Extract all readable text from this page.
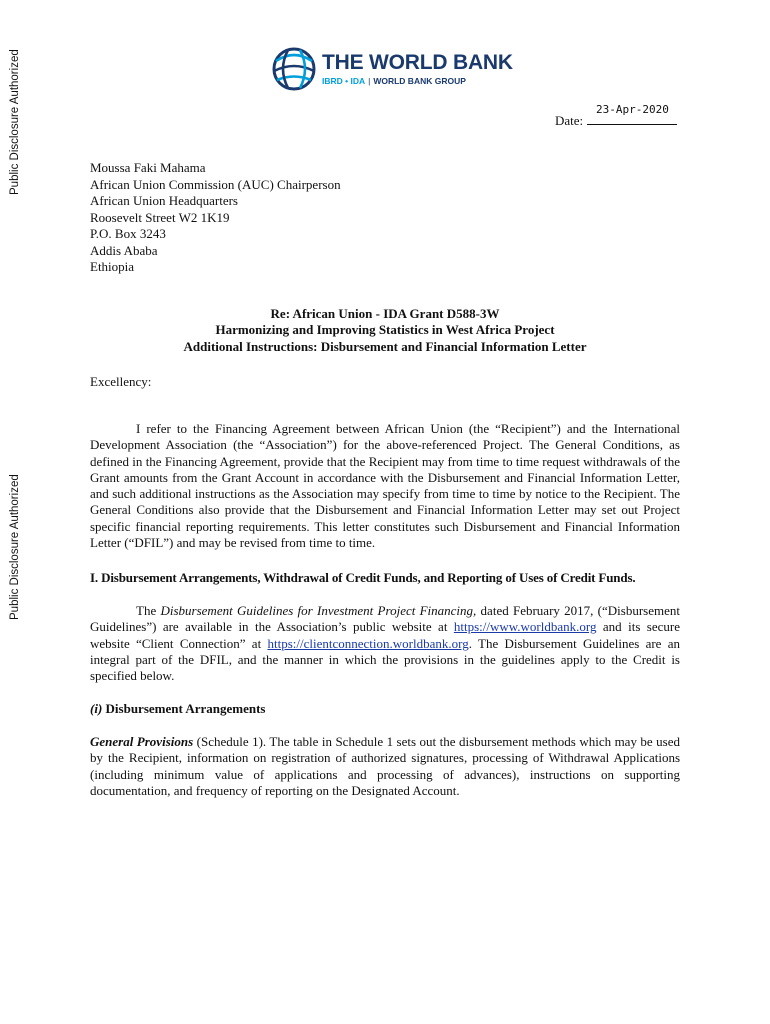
Public Disclosure Authorized
Public Disclosure Authorized
THE WORLD BANK
IBRD • IDA | WORLD BANK GROUP
23-Apr-2020
Date:
Moussa Faki Mahama
African Union Commission (AUC) Chairperson
African Union Headquarters
Roosevelt Street W2 1K19
P.O. Box 3243
Addis Ababa
Ethiopia
Re: African Union - IDA Grant D588-3W
Harmonizing and Improving Statistics in West Africa Project
Additional Instructions: Disbursement and Financial Information Letter
Excellency:
I refer to the Financing Agreement between African Union (the “Recipient”) and the International Development Association (the “Association”) for the above-referenced Project. The General Conditions, as defined in the Financing Agreement, provide that the Recipient may from time to time request withdrawals of the Grant amounts from the Grant Account in accordance with the Disbursement and Financial Information Letter, and such additional instructions as the Association may specify from time to time by notice to the Recipient. The General Conditions also provide that the Disbursement and Financial Information Letter may set out Project specific financial reporting requirements. This letter constitutes such Disbursement and Financial Information Letter (“DFIL”) and may be revised from time to time.
I. Disbursement Arrangements, Withdrawal of Credit Funds, and Reporting of Uses of Credit Funds.
The Disbursement Guidelines for Investment Project Financing, dated February 2017, (“Disbursement Guidelines”) are available in the Association’s public website at https://www.worldbank.org and its secure website “Client Connection” at https://clientconnection.worldbank.org. The Disbursement Guidelines are an integral part of the DFIL, and the manner in which the provisions in the guidelines apply to the Credit is specified below.
(i) Disbursement Arrangements
General Provisions (Schedule 1). The table in Schedule 1 sets out the disbursement methods which may be used by the Recipient, information on registration of authorized signatures, processing of Withdrawal Applications (including minimum value of applications and processing of advances), instructions on supporting documentation, and frequency of reporting on the Designated Account.
